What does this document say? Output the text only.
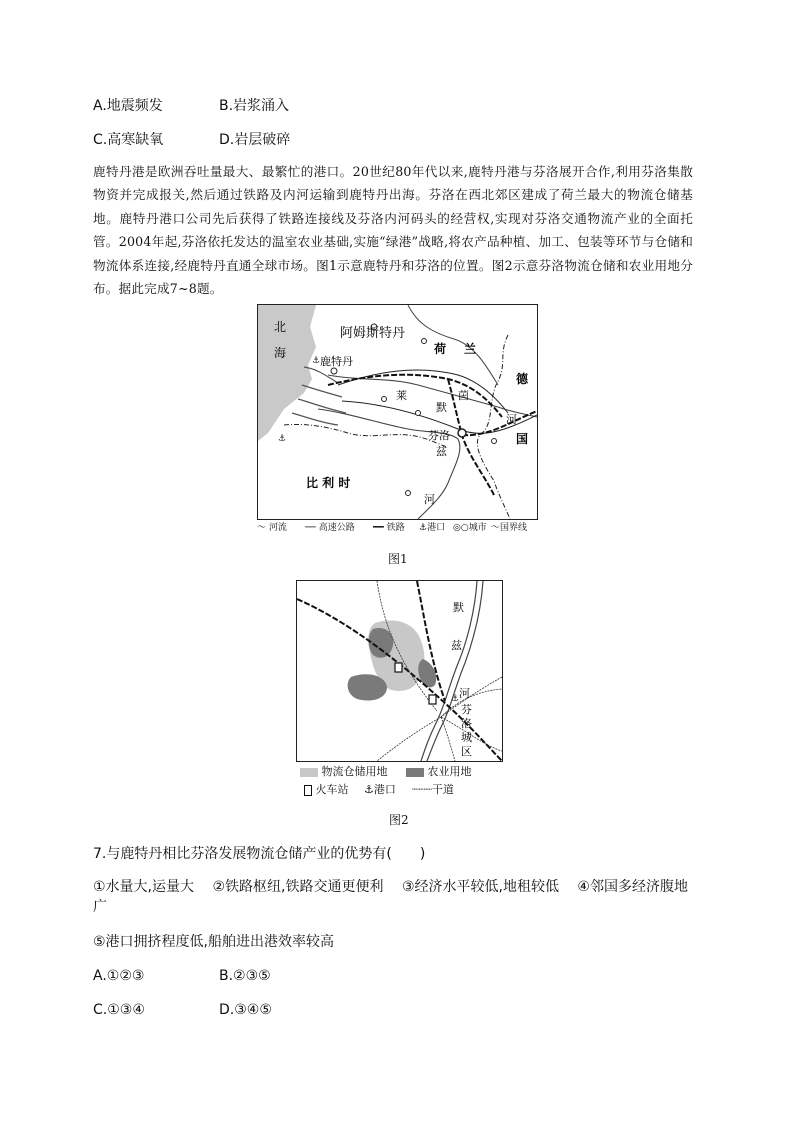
A.地震频发	B.岩浆涌入
C.高寒缺氧	D.岩层破碎
鹿特丹港是欧洲吞吐量最大、最繁忙的港口。20世纪80年代以来,鹿特丹港与芬洛展开合作,利用芬洛集散物资并完成报关,然后通过铁路及内河运输到鹿特丹出海。芬洛在西北郊区建成了荷兰最大的物流仓储基地。鹿特丹港口公司先后获得了铁路连接线及芬洛内河码头的经营权,实现对芬洛交通物流产业的全面托管。2004年起,芬洛依托发达的温室农业基础,实施“绿港”战略,将农产品种植、加工、包装等环节与仓储和物流体系连接,经鹿特丹直通全球市场。图1示意鹿特丹和芬洛的位置。图2示意芬洛物流仓储和农业用地分布。据此完成7~8题。
⚓
⚓
北
海
阿姆斯特丹
鹿特丹
荷 兰
德
国
比 利 时
芬洛
莱	茵
默
兹
河
河
〜 河流 ── 高速公路 ━━ 铁路 ⚓港口 ◎○城市 〜国界线
图1
⚓
默
兹
河
芬
洛
城
区
物流仓储用地	农业用地
火车站 ⚓港口 ┈┈┈干道
图2
7.与鹿特丹相比芬洛发展物流仓储产业的优势有(　　)
①水量大,运量大 ②铁路枢纽,铁路交通更便利 ③经济水平较低,地租较低 ④邻国多经济腹地广
⑤港口拥挤程度低,船舶进出港效率较高
A.①②③	B.②③⑤
C.①③④	D.③④⑤
